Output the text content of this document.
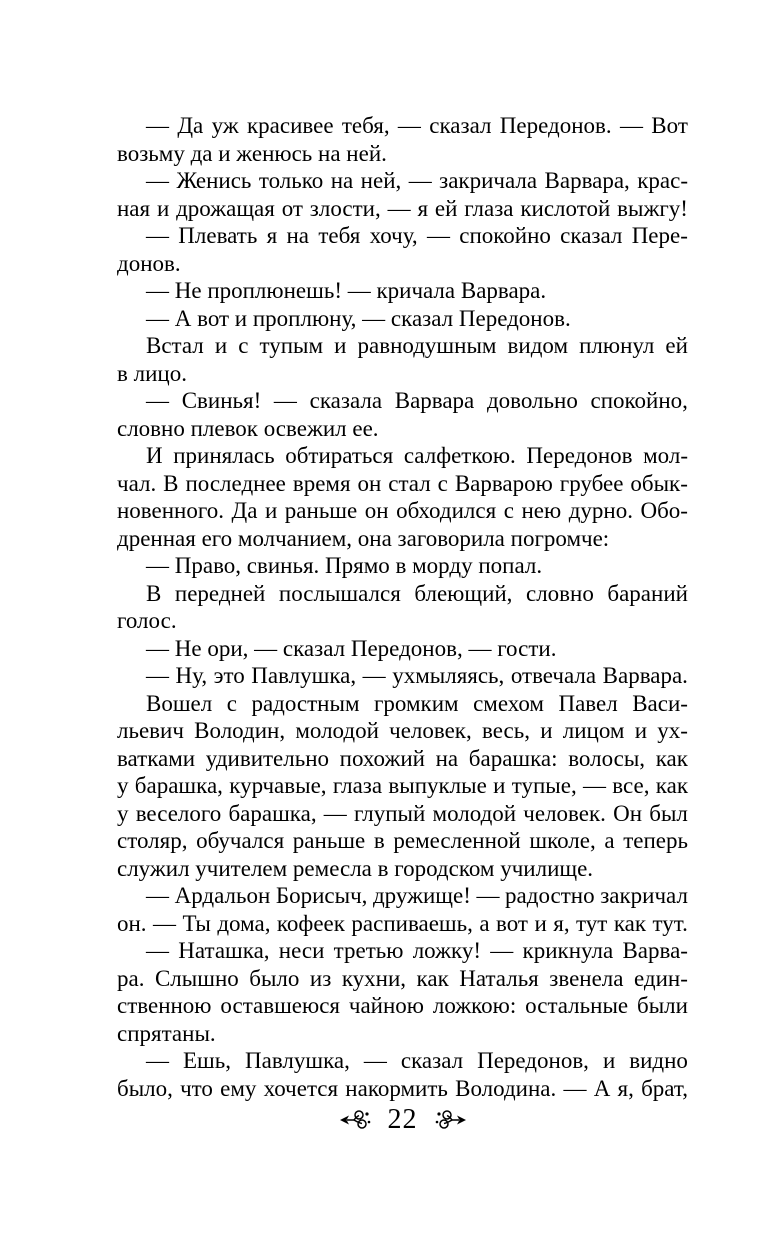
— Да уж красивее тебя, — сказал Передонов. — Вот
возьму да и женюсь на ней.
— Женись только на ней, — закричала Варвара, крас-
ная и дрожащая от злости, — я ей глаза кислотой выжгу!
— Плевать я на тебя хочу, — спокойно сказал Пере-
донов.
— Не проплюнешь! — кричала Варвара.
— А вот и проплюну, — сказал Передонов.
Встал и с тупым и равнодушным видом плюнул ей
в лицо.
— Свинья! — сказала Варвара довольно спокойно,
словно плевок освежил ее.
И принялась обтираться салфеткою. Передонов мол-
чал. В последнее время он стал с Варварою грубее обык-
новенного. Да и раньше он обходился с нею дурно. Обо-
дренная его молчанием, она заговорила погромче:
— Право, свинья. Прямо в морду попал.
В передней послышался блеющий, словно бараний
голос.
— Не ори, — сказал Передонов, — гости.
— Ну, это Павлушка, — ухмыляясь, отвечала Варвара.
Вошел с радостным громким смехом Павел Васи-
льевич Володин, молодой человек, весь, и лицом и ух-
ватками удивительно похожий на барашка: волосы, как
у барашка, курчавые, глаза выпуклые и тупые, — все, как
у веселого барашка, — глупый молодой человек. Он был
столяр, обучался раньше в ремесленной школе, а теперь
служил учителем ремесла в городском училище.
— Ардальон Борисыч, дружище! — радостно закричал
он. — Ты дома, кофеек распиваешь, а вот и я, тут как тут.
— Наташка, неси третью ложку! — крикнула Варва-
ра. Слышно было из кухни, как Наталья звенела един-
ственною оставшеюся чайною ложкою: остальные были
спрятаны.
— Ешь, Павлушка, — сказал Передонов, и видно
было, что ему хочется накормить Володина. — А я, брат,
22
